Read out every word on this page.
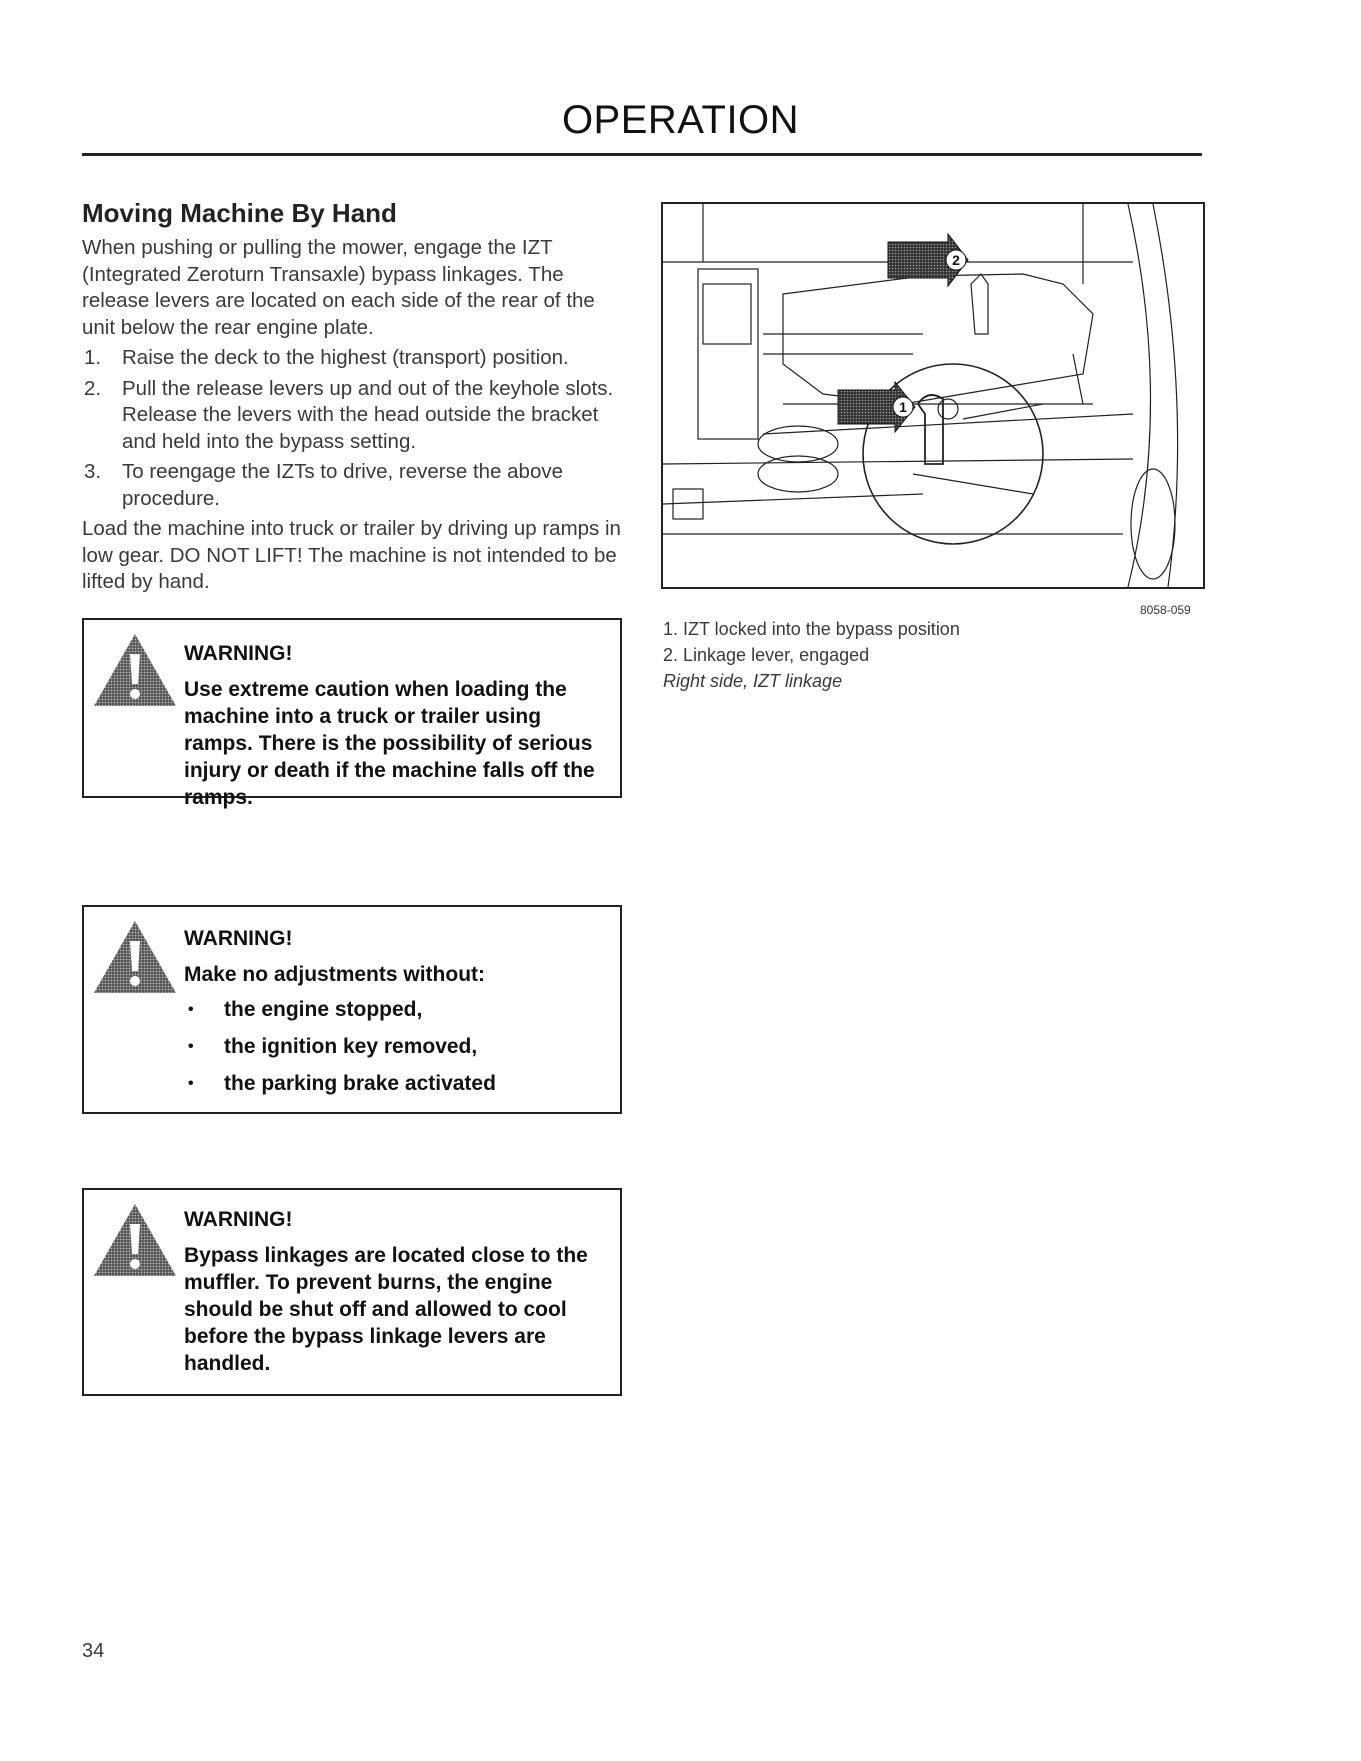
OPERATION
Moving Machine By Hand

When pushing or pulling the mower, engage the IZT (Integrated Zeroturn Transaxle) bypass linkages. The release levers are located on each side of the rear of the unit below the rear engine plate.

1. Raise the deck to the highest (transport) position.
2. Pull the release levers up and out of the keyhole slots. Release the levers with the head outside the bracket and held into the bypass setting.
3. To reengage the IZTs to drive, reverse the above procedure.

Load the machine into truck or trailer by driving up ramps in low gear. DO NOT LIFT! The machine is not intended to be lifted by hand.

WARNING!

Use extreme caution when loading the machine into a truck or trailer using ramps. There is the possibility of serious injury or death if the machine falls off the ramps.

WARNING!

Make no adjustments without:

• the engine stopped,
• the ignition key removed,
• the parking brake activated

WARNING!

Bypass linkages are located close to the muffler. To prevent burns, the engine should be shut off and allowed to cool before the bypass linkage levers are handled.

2
1
8058-059

1. IZT locked into the bypass position

2. Linkage lever, engaged

Right side, IZT linkage

34
